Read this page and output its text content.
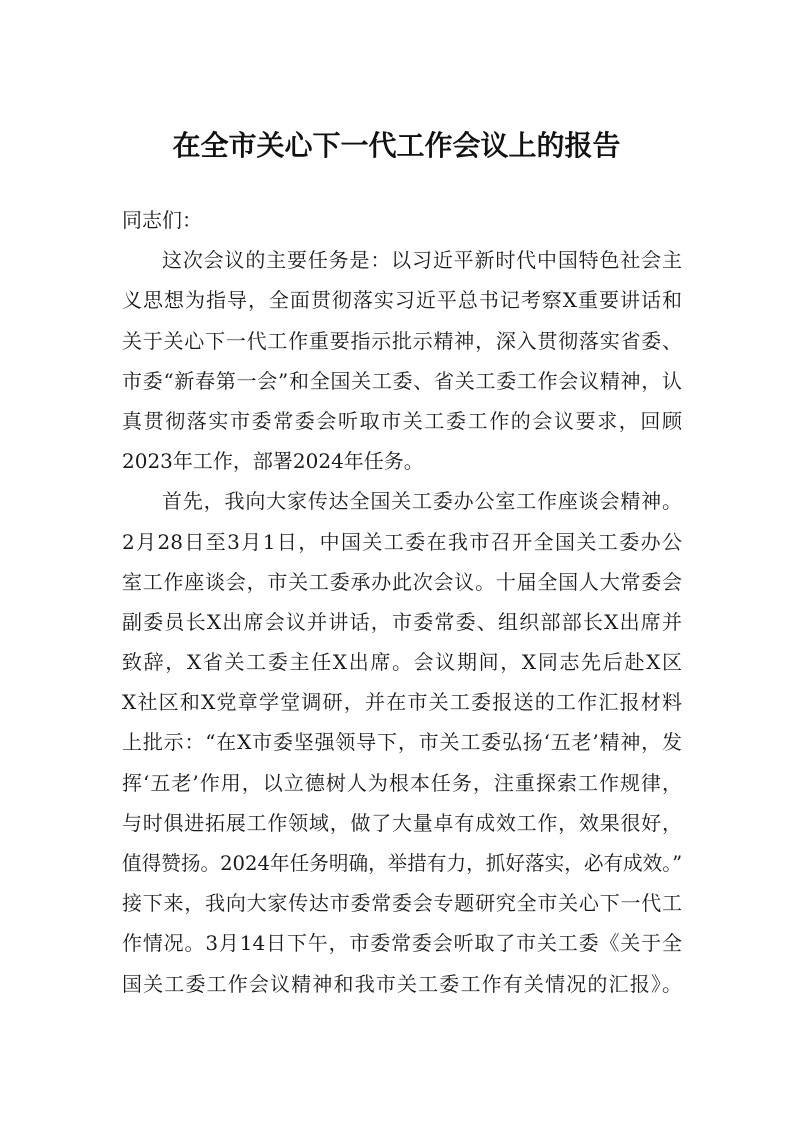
在全市关心下一代工作会议上的报告
同志们：
这次会议的主要任务是：以习近平新时代中国特色社会主
义思想为指导，全面贯彻落实习近平总书记考察X重要讲话和
关于关心下一代工作重要指示批示精神，深入贯彻落实省委、
市委“新春第一会”和全国关工委、省关工委工作会议精神，认
真贯彻落实市委常委会听取市关工委工作的会议要求，回顾
2023年工作，部署2024年任务。
首先，我向大家传达全国关工委办公室工作座谈会精神。
2月28日至3月1日，中国关工委在我市召开全国关工委办公
室工作座谈会，市关工委承办此次会议。十届全国人大常委会
副委员长X出席会议并讲话，市委常委、组织部部长X出席并
致辞，X省关工委主任X出席。会议期间，X同志先后赴X区
X社区和X党章学堂调研，并在市关工委报送的工作汇报材料
上批示：“在X市委坚强领导下，市关工委弘扬‘五老’精神，发
挥‘五老’作用，以立德树人为根本任务，注重探索工作规律，
与时俱进拓展工作领域，做了大量卓有成效工作，效果很好，
值得赞扬。2024年任务明确，举措有力，抓好落实，必有成效。”
接下来，我向大家传达市委常委会专题研究全市关心下一代工
作情况。3月14日下午，市委常委会听取了市关工委《关于全
国关工委工作会议精神和我市关工委工作有关情况的汇报》。
